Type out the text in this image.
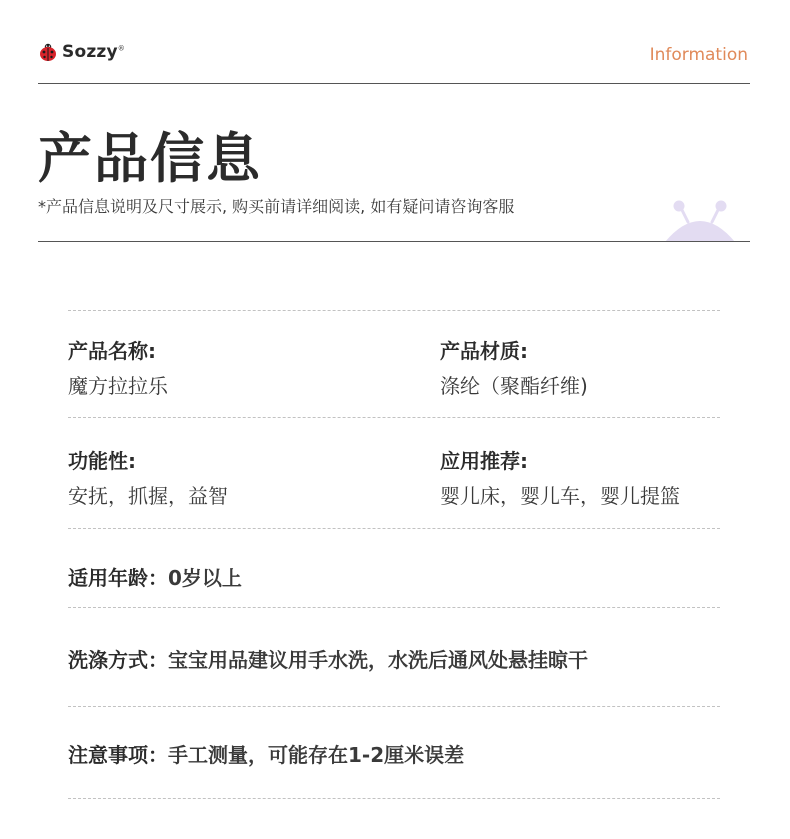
Sozzy®	Information
产品信息
*产品信息说明及尺寸展示, 购买前请详细阅读, 如有疑问请咨询客服
产品名称:
魔方拉拉乐
产品材质:
涤纶（聚酯纤维)
功能性:
安抚，抓握，益智
应用推荐:
婴儿床，婴儿车，婴儿提篮
适用年龄：0岁以上
洗涤方式：宝宝用品建议用手水洗，水洗后通风处悬挂晾干
注意事项：手工测量，可能存在1-2厘米误差
